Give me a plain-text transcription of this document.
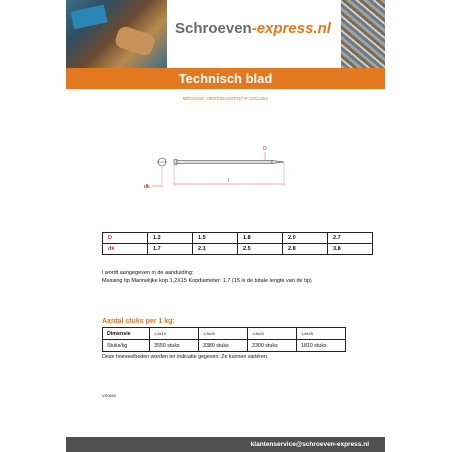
Schroeven-express.nl
Technisch blad
MESSING HERENHOOFDTIP DIN1152
D
l
dk
D	1.2	1.5	1.8	2.0	2.7
dk	1.7	2.1	2.5	2.8	3.8
l wordt aangegeven in de aanduiding:
Messing tip Mannelijke kop 1,2X15 Kopdiameter: 1,7 (15 is de totale lengte van de tip)
Aantal stuks per 1 kg:
Dimensie	1,5x10	1,5x20	1,8x20	1,8x25
Stuks/kg	3550 stuks	3380 stuks	2300 stuks	1810 stuks
Deze hoeveelheden worden ter indicatie gegeven. Ze kunnen variëren.
VS0600
klantenservice@schroeven-express.nl
